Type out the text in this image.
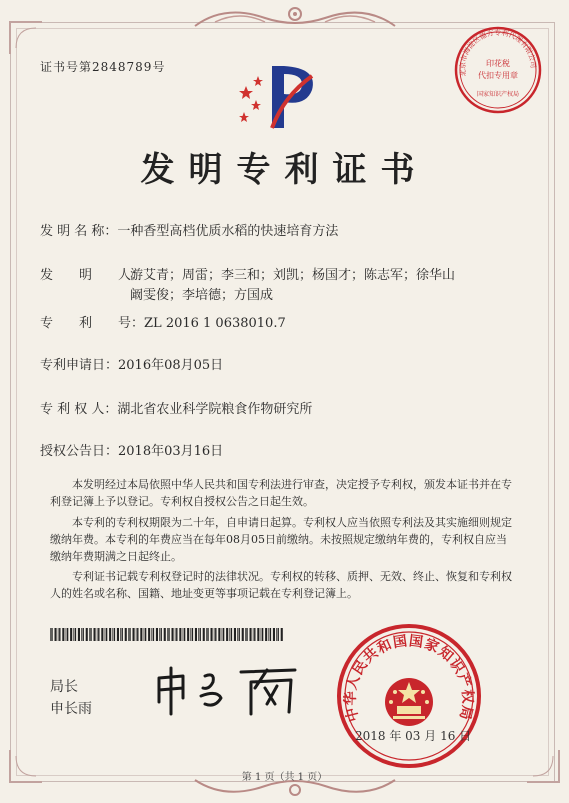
证书号第2848789号	北京市海淀区德方专利代理有限公司
印花税
代扣专用章
国家知识产权局
发明专利证书
发 明 名 称：一种香型高档优质水稻的快速培育方法
发　　明　　人：
游艾青；周雷；李三和；刘凯；杨国才；陈志军；徐华山
阚雯俊；李培德；方国成
专　　利　　号：ZL 2016 1 0638010.7
专利申请日：2016年08月05日
专 利 权 人：湖北省农业科学院粮食作物研究所
授权公告日：2018年03月16日

本发明经过本局依照中华人民共和国专利法进行审查，决定授予专利权，颁发本证书并在专利登记簿上予以登记。专利权自授权公告之日起生效。

本专利的专利权期限为二十年，自申请日起算。专利权人应当依照专利法及其实施细则规定缴纳年费。本专利的年费应当在每年08月05日前缴纳。未按照规定缴纳年费的，专利权自应当缴纳年费期满之日起终止。

专利证书记载专利权登记时的法律状况。专利权的转移、质押、无效、终止、恢复和专利权人的姓名或名称、国籍、地址变更等事项记载在专利登记簿上。

局长
申长雨	中华人民共和国国家知识产权局
2018 年 03 月 16 日
第 1 页（共 1 页）
